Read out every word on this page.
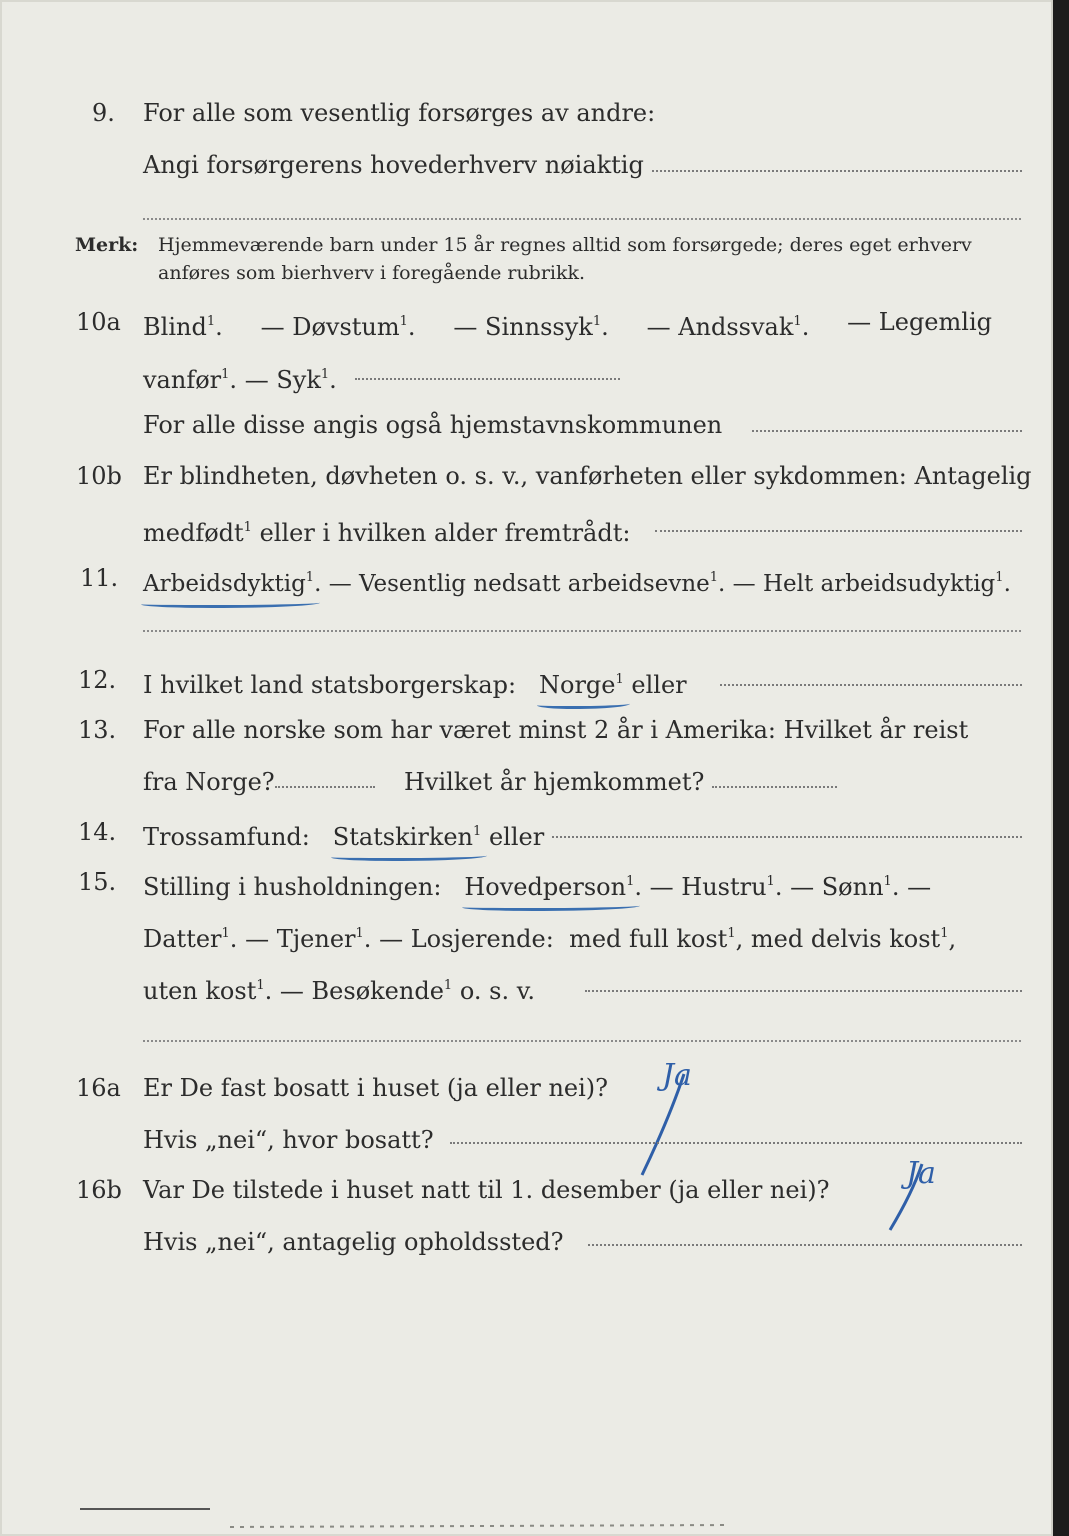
9.	For alle som vesentlig forsørges av andre:
Angi forsørgerens hovederhverv nøiaktig
Merk: Hjemmeværende barn under 15 år regnes alltid som forsørgede; deres eget erhverv
anføres som bierhverv i foregående rubrikk.
10a Blind$^1$. — Døvstum$^1$. — Sinnssyk$^1$. — Andssvak$^1$. — Legemlig
vanfør$^1$. — Syk$^1$.
For alle disse angis også hjemstavnskommunen
10b Er blindheten, døvheten o. s. v., vanførheten eller sykdommen: Antagelig
medfødt$^1$ eller i hvilken alder fremtrådt:
11.	Arbeidsdyktig$^1$
. — Vesentlig nedsatt arbeidsevne$^1$. — Helt arbeidsudyktig$^1$.
12.	I hvilket land statsborgerskap: Norge$^1$ eller
13.	For alle norske som har været minst 2 år i Amerika: Hvilket år reist
fra Norge?	Hvilket år hjemkommet?
14.	Trossamfund: Statskirken$^1$ eller
15.	Stilling i husholdningen: Hovedperson$^1$
. — Hustru$^1$. — Sønn$^1$. —
Datter$^1$. — Tjener$^1$. — Losjerende: med full kost$^1$, med delvis kost$^1$,
uten kost$^1$. — Besøkende$^1$ o. s. v.
16a Er De fast bosatt i huset (ja eller nei)?	Ja
Hvis „nei“, hvor bosatt?
16b Var De tilstede i huset natt til 1. desember (ja eller nei)?	Ja
Hvis „nei“, antagelig opholdssted?
